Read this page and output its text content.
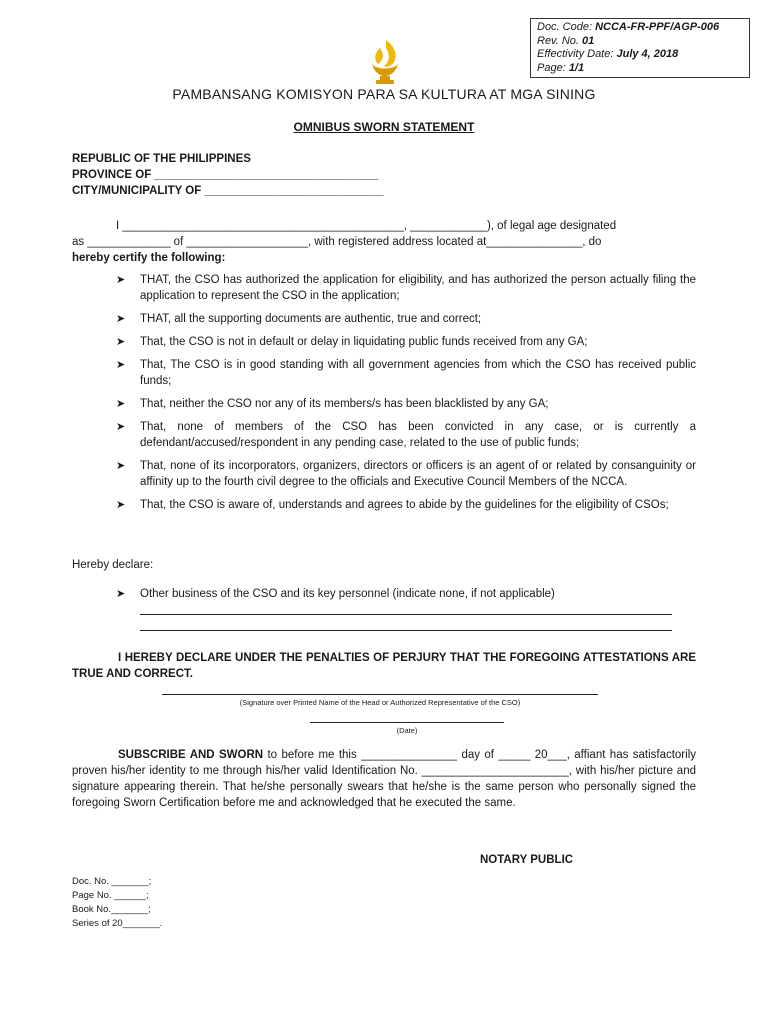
Doc. Code: NCCA-FR-PPF/AGP-006
Rev. No. 01
Effectivity Date: July 4, 2018
Page: 1/1
PAMBANSANG KOMISYON PARA SA KULTURA AT MGA SINING
OMNIBUS SWORN STATEMENT
REPUBLIC OF THE PHILIPPINES
PROVINCE OF ___________________________________
CITY/MUNICIPALITY OF ____________________________
I ____________________________________________, ____________), of legal age designated
as _____________ of ___________________, with registered address located at_______________, do
hereby certify the following:
➤ THAT, the CSO has authorized the application for eligibility, and has authorized the person actually filing the application to represent the CSO in the application;
➤ THAT, all the supporting documents are authentic, true and correct;
➤ That, the CSO is not in default or delay in liquidating public funds received from any GA;
➤ That, The CSO is in good standing with all government agencies from which the CSO has received public funds;
➤ That, neither the CSO nor any of its members/s has been blacklisted by any GA;
➤ That, none of members of the CSO has been convicted in any case, or is currently a defendant/accused/respondent in any pending case, related to the use of public funds;
➤ That, none of its incorporators, organizers, directors or officers is an agent of or related by consanguinity or affinity up to the fourth civil degree to the officials and Executive Council Members of the NCCA.
➤ That, the CSO is aware of, understands and agrees to abide by the guidelines for the eligibility of CSOs;
Hereby declare:
➤ Other business of the CSO and its key personnel (indicate none, if not applicable)
I HEREBY DECLARE UNDER THE PENALTIES OF PERJURY THAT THE FOREGOING ATTESTATIONS ARE TRUE AND CORRECT.
(Signature over Printed Name of the Head or Authorized Representative of the CSO)
(Date)
SUBSCRIBE AND SWORN to before me this _______________ day of _____ 20___, affiant has satisfactorily proven his/her identity to me through his/her valid Identification No. _______________________, with his/her picture and signature appearing therein. That he/she personally swears that he/she is the same person who personally signed the foregoing Sworn Certification before me and acknowledged that he executed the same.
NOTARY PUBLIC
Doc. No. _______;
Page No. ______;
Book No._______;
Series of 20_______.
